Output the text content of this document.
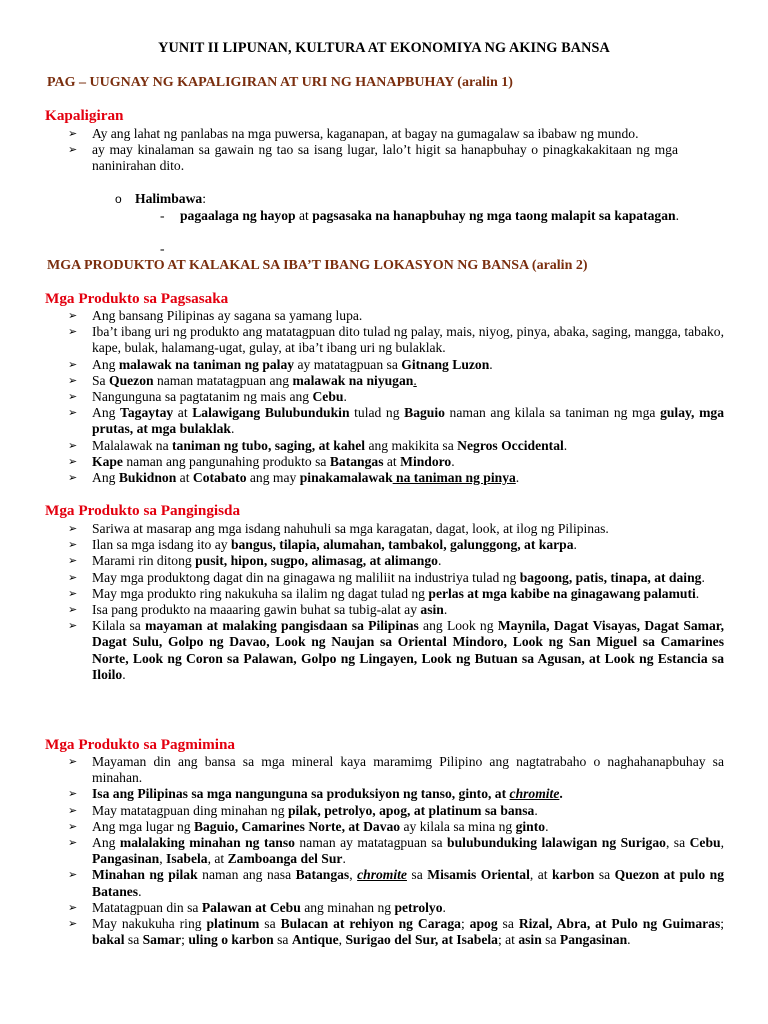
YUNIT II LIPUNAN, KULTURA AT EKONOMIYA NG AKING BANSA
PAG – UUGNAY NG KAPALIGIRAN AT URI NG HANAPBUHAY (aralin 1)
Kapaligiran
➢ Ay ang lahat ng panlabas na mga puwersa, kaganapan, at bagay na gumagalaw sa ibabaw ng mundo.
➢ ay may kinalaman sa gawain ng tao sa isang lugar, lalo’t higit sa hanapbuhay o pinagkakakitaan ng mgananinirahan dito.
o Halimbawa:
-	pagaalaga ng hayop at pagsasaka na hanapbuhay ng mga taong malapit sa kapatagan.
-
MGA PRODUKTO AT KALAKAL SA IBA’T IBANG LOKASYON NG BANSA (aralin 2)
Mga Produkto sa Pagsasaka
➢ Ang bansang Pilipinas ay sagana sa yamang lupa.
➢ Iba’t ibang uri ng produkto ang matatagpuan dito tulad ng palay, mais, niyog, pinya, abaka, saging, mangga, tabako, kape, bulak, halamang-ugat, gulay, at iba’t ibang uri ng bulaklak.
➢ Ang malawak na taniman ng palay ay matatagpuan sa Gitnang Luzon.
➢ Sa Quezon naman matatagpuan ang malawak na niyugan.
➢ Nangunguna sa pagtatanim ng mais ang Cebu.
➢ Ang Tagaytay at Lalawigang Bulubundukin tulad ng Baguio naman ang kilala sa taniman ng mga gulay, mga prutas, at mga bulaklak.
➢ Malalawak na taniman ng tubo, saging, at kahel ang makikita sa Negros Occidental.
➢ Kape naman ang pangunahing produkto sa Batangas at Mindoro.
➢ Ang Bukidnon at Cotabato ang may pinakamalawak na taniman ng pinya.
Mga Produkto sa Pangingisda
➢ Sariwa at masarap ang mga isdang nahuhuli sa mga karagatan, dagat, look, at ilog ng Pilipinas.
➢ Ilan sa mga isdang ito ay bangus, tilapia, alumahan, tambakol, galunggong, at karpa.
➢ Marami rin ditong pusit, hipon, sugpo, alimasag, at alimango.
➢ May mga produktong dagat din na ginagawa ng maliliit na industriya tulad ng bagoong, patis, tinapa, at daing.
➢ May mga produkto ring nakukuha sa ilalim ng dagat tulad ng perlas at mga kabibe na ginagawang palamuti.
➢ Isa pang produkto na maaaring gawin buhat sa tubig-alat ay asin.
➢ Kilala sa mayaman at malaking pangisdaan sa Pilipinas ang Look ng Maynila, Dagat Visayas, Dagat Samar, Dagat Sulu, Golpo ng Davao, Look ng Naujan sa Oriental Mindoro, Look ng San Miguel sa Camarines Norte, Look ng Coron sa Palawan, Golpo ng Lingayen, Look ng Butuan sa Agusan, at Look ng Estancia sa Iloilo.
Mga Produkto sa Pagmimina
➢ Mayaman din ang bansa sa mga mineral kaya maramimg Pilipino ang nagtatrabaho o naghahanapbuhay sa minahan.
➢ Isa ang Pilipinas sa mga nangunguna sa produksiyon ng tanso, ginto, at chromite.
➢ May matatagpuan ding minahan ng pilak, petrolyo, apog, at platinum sa bansa.
➢ Ang mga lugar ng Baguio, Camarines Norte, at Davao ay kilala sa mina ng ginto.
➢ Ang malalaking minahan ng tanso naman ay matatagpuan sa bulubunduking lalawigan ng Surigao, sa Cebu, Pangasinan, Isabela, at Zamboanga del Sur.
➢ Minahan ng pilak naman ang nasa Batangas, chromite sa Misamis Oriental, at karbon sa Quezon at pulo ng Batanes.
➢ Matatagpuan din sa Palawan at Cebu ang minahan ng petrolyo.
➢ May nakukuha ring platinum sa Bulacan at rehiyon ng Caraga; apog sa Rizal, Abra, at Pulo ng Guimaras; bakal sa Samar; uling o karbon sa Antique, Surigao del Sur, at Isabela; at asin sa Pangasinan.
